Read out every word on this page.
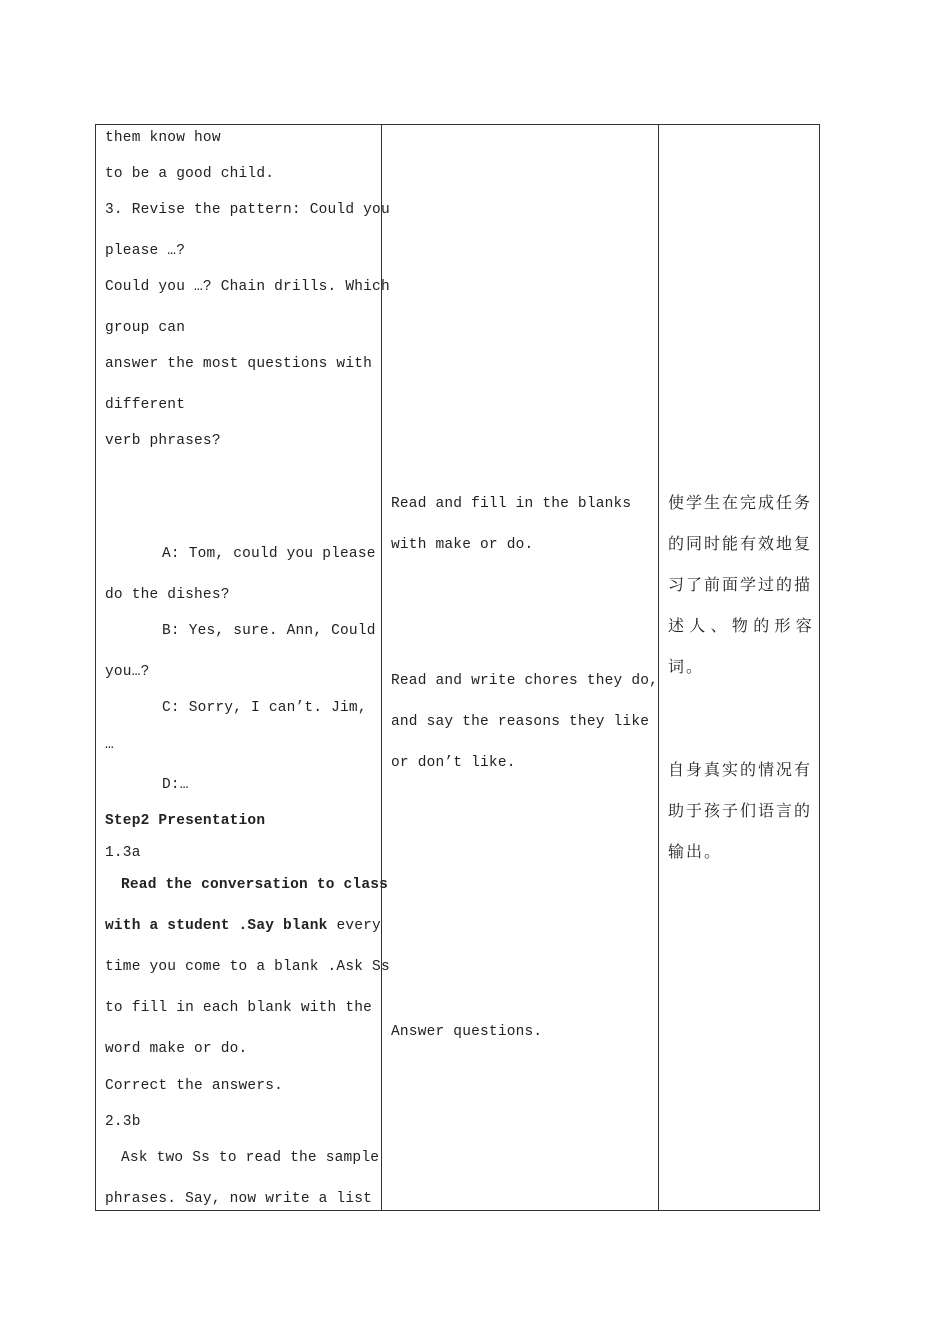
them know how
to be a good child.
3. Revise the pattern: Could you
please …?
Could you …? Chain drills. Which
group can
answer the most questions with
different
verb phrases?
A: Tom, could you please
do the dishes?
B: Yes, sure. Ann, Could
you…?
C: Sorry, I can’t. Jim,
…
D:…
Step2 Presentation
1.3a
Read the conversation to class
with a student .Say blank every
time you come to a blank .Ask Ss
to fill in each blank with the
word make or do.
Correct the answers.
2.3b
Ask two Ss to read the sample
phrases. Say, now write a list
Read and fill in the blanks
with make or do.
Read and write chores they do,
and say the reasons they like
or don’t like.
Answer questions.
使学生在完成任务
的同时能有效地复
习了前面学过的描
述人、物的形容
词。
自身真实的情况有
助于孩子们语言的
输出。
